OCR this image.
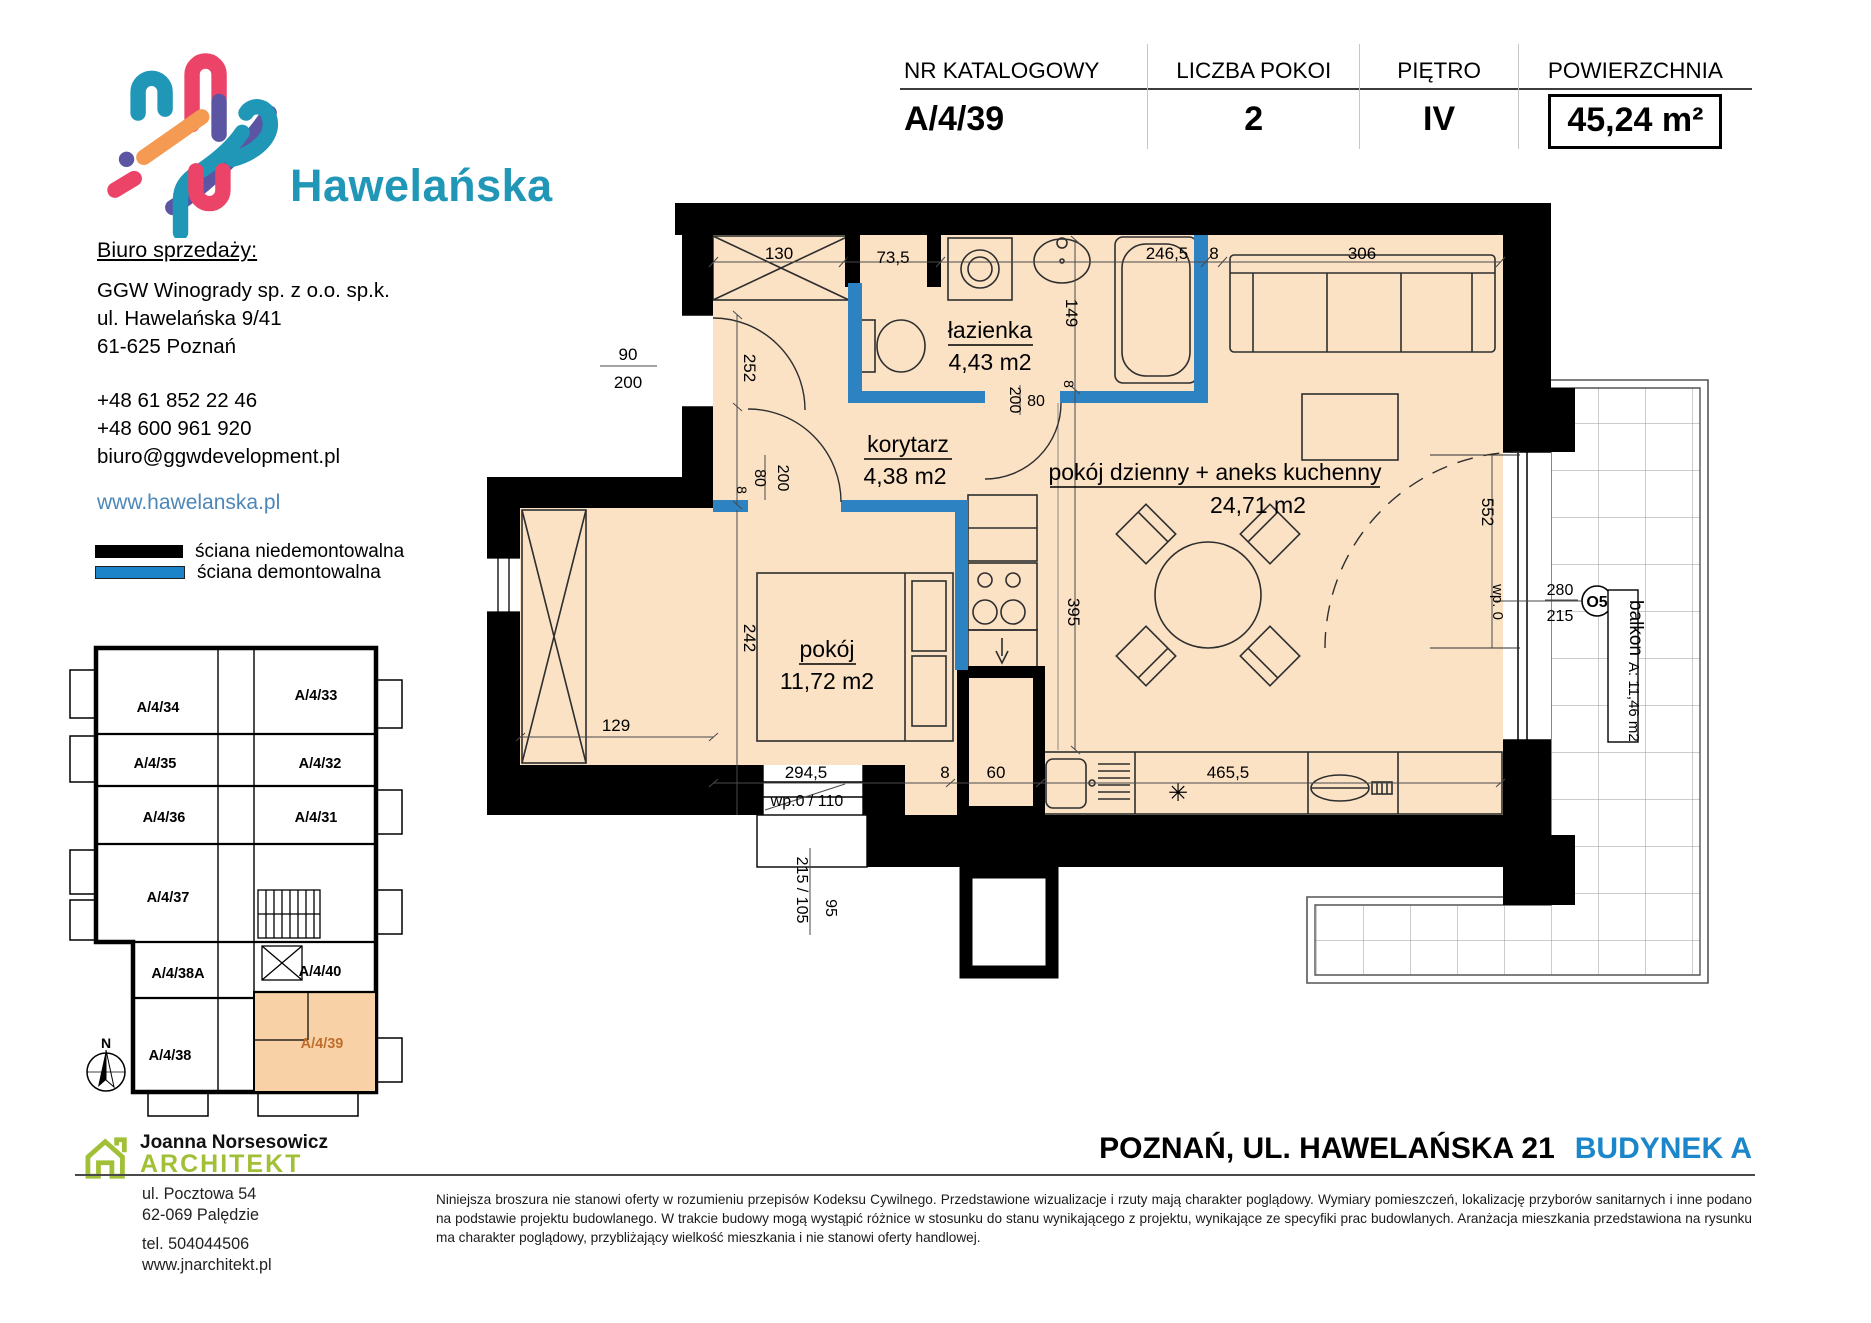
Hawelańska
Biuro sprzedaży:
GGW Winogrady sp. z o.o. sp.k.
ul. Hawelańska 9/41
61-625 Poznań
+48 61 852 22 46
+48 600 961 920
biuro@ggwdevelopment.pl
www.hawelanska.pl
ściana niedemontowalna
ściana demontowalna
NR KATALOGOWY
A/4/39
LICZBA POKOI
2
PIĘTRO
IV
POWIERZCHNIA
45,24 m²
130	8 73,5	246,5 8	306
90
200
252
149
200 80
8
8
80 200
242
395
129
294,5	8 60	465,5
50
wp.0 / 110
215 / 105 95
552
wp. 0	280
215
✳
O5 balkon
A: 11,46 m2
łazienka
4,43 m2
korytarz
4,38 m2	pokój dzienny + aneks kuchenny
24,71 m2
pokój
11,72 m2
A/4/34
A/4/33
A/4/35	A/4/32
A/4/36	A/4/31
A/4/37
A/4/38A	A/4/40
A/4/38
A/4/39
N
Joanna Norsesowicz
ARCHITEKT
ul. Pocztowa 54
62-069 Palędzie
tel. 504044506
www.jnarchitekt.pl
POZNAŃ, UL. HAWELAŃSKA 21 BUDYNEK A
Niniejsza broszura nie stanowi oferty w rozumieniu przepisów Kodeksu Cywilnego. Przedstawione wizualizacje i rzuty mają charakter poglądowy. Wymiary pomieszczeń, lokalizację przyborów sanitarnych i inne podano na podstawie projektu budowlanego. W trakcie budowy mogą wystąpić różnice w stosunku do stanu wynikającego z projektu, wynikające ze specyfiki prac budowlanych. Aranżacja mieszkania przedstawiona na rysunku ma charakter poglądowy, przybliżający wielkość mieszkania i nie stanowi oferty handlowej.
